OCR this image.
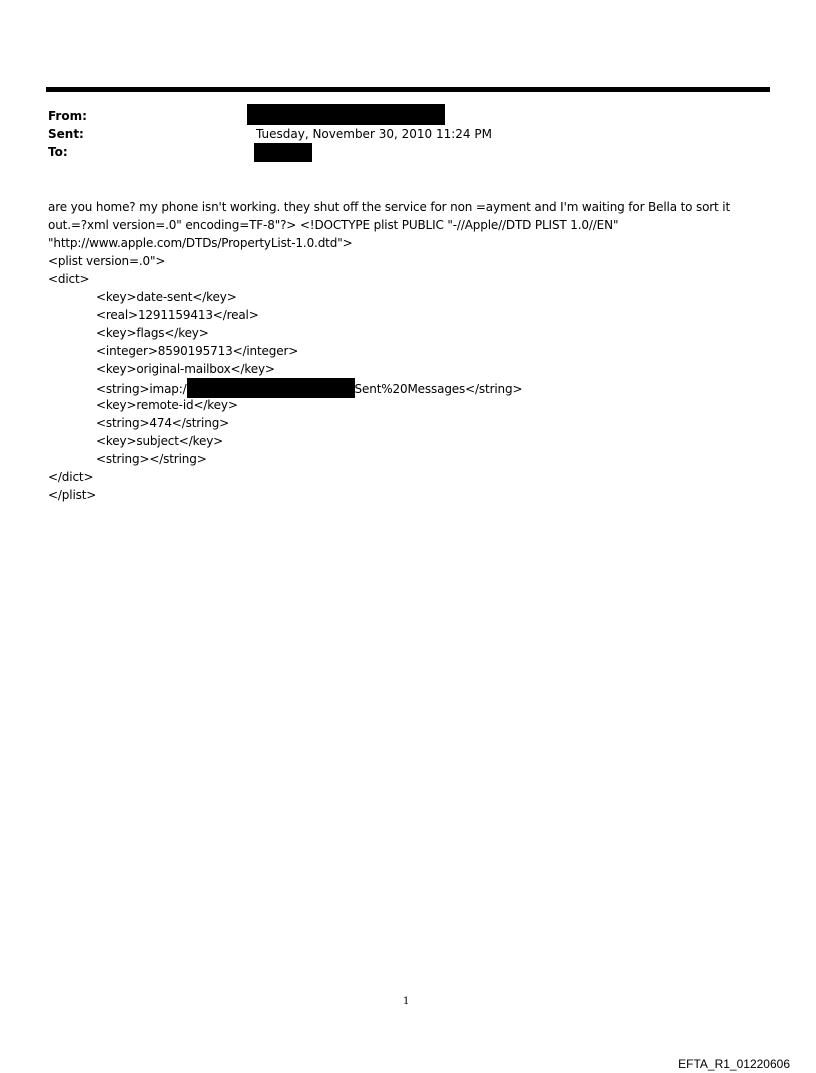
From:
Sent:	Tuesday, November 30, 2010 11:24 PM
To:
are you home? my phone isn't working. they shut off the service for non =ayment and I'm waiting for Bella to sort it
out.=?xml version=.0" encoding=TF-8"?> <!DOCTYPE plist PUBLIC "-//Apple//DTD PLIST 1.0//EN"
"http://www.apple.com/DTDs/PropertyList-1.0.dtd">
<plist version=.0">
<dict>
<key>date-sent</key>
<real>1291159413</real>
<key>flags</key>
<integer>8590195713</integer>
<key>original-mailbox</key>
<string>imap:/	Sent%20Messages</string>
<key>remote-id</key>
<string>474</string>
<key>subject</key>
<string></string>
</dict>
</plist>
1
EFTA_R1_01220606
